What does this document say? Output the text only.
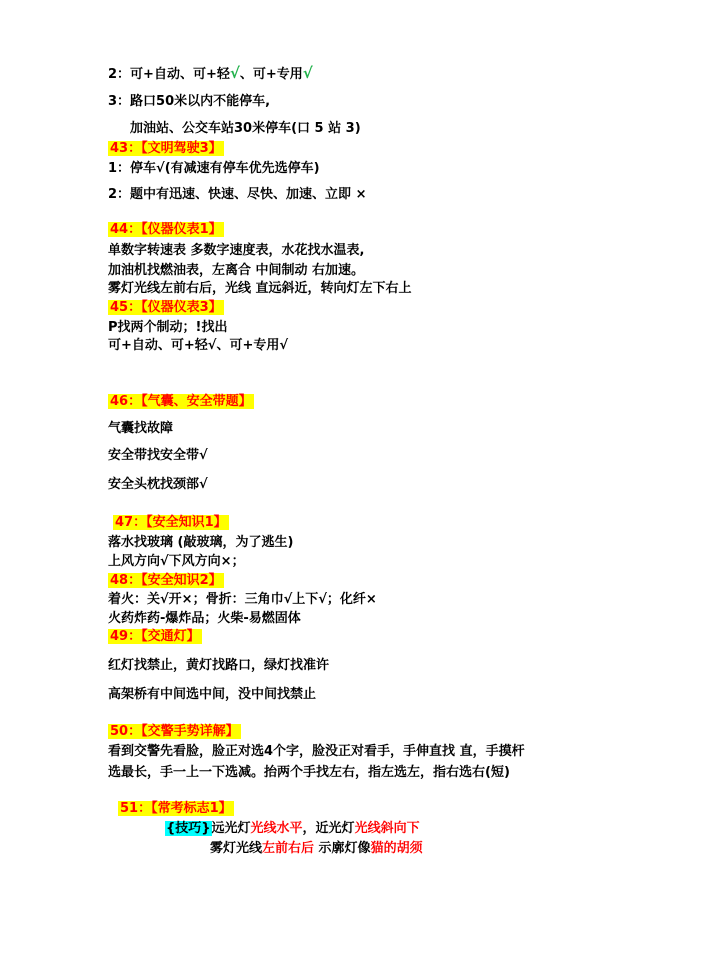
2：可+自动、可+轻√、可+专用√
3：路口50米以内不能停车,
加油站、公交车站30米停车(口 5 站 3)
43：【文明驾驶3】
1：停车√(有减速有停车优先选停车)
2：题中有迅速、快速、尽快、加速、立即 ×
44：【仪器仪表1】
单数字转速表 多数字速度表，水花找水温表,
加油机找燃油表，左离合 中间制动 右加速。
雾灯光线左前右后，光线 直远斜近，转向灯左下右上
45：【仪器仪表3】
P找两个制动；!找出
可+自动、可+轻√、可+专用√
46：【气囊、安全带题】
气囊找故障
安全带找安全带√
安全头枕找颈部√
47：【安全知识1】
落水找玻璃 (敲玻璃，为了逃生)
上风方向√下风方向×；
48：【安全知识2】
着火：关√开×；骨折：三角巾√上下√；化纤×
火药炸药-爆炸品；火柴-易燃固体
49：【交通灯】
红灯找禁止，黄灯找路口，绿灯找准许
高架桥有中间选中间，没中间找禁止
50：【交警手势详解】
看到交警先看脸，脸正对选4个字，脸没正对看手，手伸直找 直，手摸杆
选最长，手一上一下选减。抬两个手找左右，指左选左，指右选右(短)
51：【常考标志1】
{技巧}远光灯光线水平，近光灯光线斜向下
雾灯光线左前右后 示廓灯像猫的胡须
